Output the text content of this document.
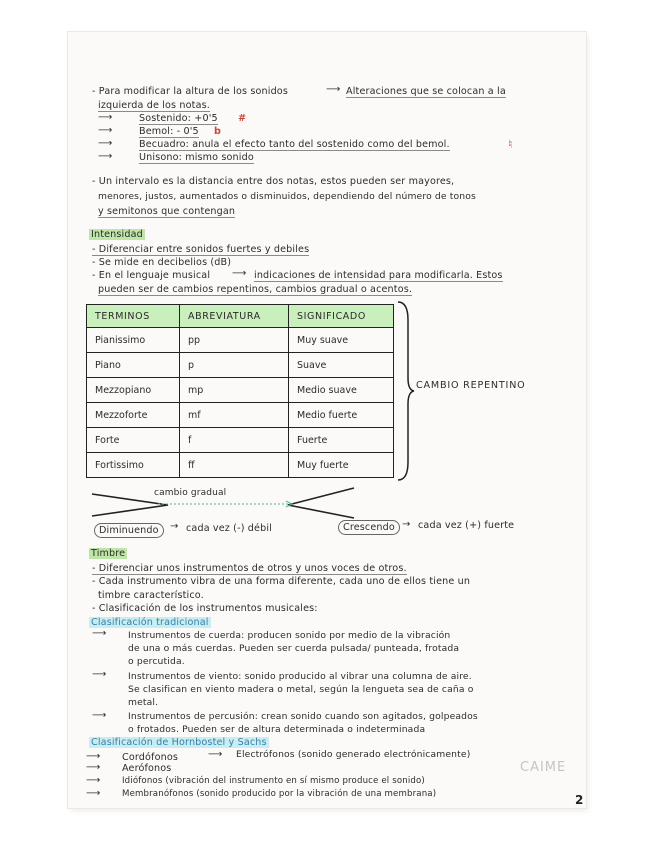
- Para modificar la altura de los sonidos	⟶ Alteraciones que se colocan a la
izquierda de los notas.
⟶	Sostenido: +0'5 #
⟶	Bemol: - 0'5 b
⟶	Becuadro: anula el efecto tanto del sostenido como del bemol.	♮
⟶	Unisono: mismo sonido
- Un intervalo es la distancia entre dos notas, estos pueden ser mayores,
menores, justos, aumentados o disminuidos, dependiendo del número de tonos
y semitonos que contengan
Intensidad
- Diferenciar entre sonidos fuertes y debiles
- Se mide en decibelios (dB)
- En el lenguaje musical ⟶ indicaciones de intensidad para modificarla. Estos
pueden ser de cambios repentinos, cambios gradual o acentos.
TERMINOS	ABREVIATURA	SIGNIFICADO
Pianissimo	pp	Muy suave
Piano	p	Suave
Mezzopiano	mp	Medio suave
Mezzoforte	mf	Medio fuerte
Forte	f	Fuerte
Fortissimo	ff	Muy fuerte
CAMBIO REPENTINO
cambio gradual
Diminuendo	→ cada vez (-) débil	Crescendo → cada vez (+) fuerte
Timbre
- Diferenciar unos instrumentos de otros y unos voces de otros.
- Cada instrumento vibra de una forma diferente, cada uno de ellos tiene un
timbre característico.
- Clasificación de los instrumentos musicales:
Clasificación tradicional
⟶ Instrumentos de cuerda: producen sonido por medio de la vibración
de una o más cuerdas. Pueden ser cuerda pulsada/ punteada, frotada
o percutida.
⟶ Instrumentos de viento: sonido producido al vibrar una columna de aire.
Se clasifican en viento madera o metal, según la lengueta sea de caña o
metal.
⟶ Instrumentos de percusión: crean sonido cuando son agitados, golpeados
o frotados. Pueden ser de altura determinada o indeterminada
Clasificación de Hornbostel y Sachs
⟶ Cordófonos	⟶ Electrófonos (sonido generado electrónicamente)
⟶ Aerófonos
⟶	Idiófonos (vibración del instrumento en sí mismo produce el sonido)
⟶	Membranófonos (sonido producido por la vibración de una membrana)
CAIME
2
